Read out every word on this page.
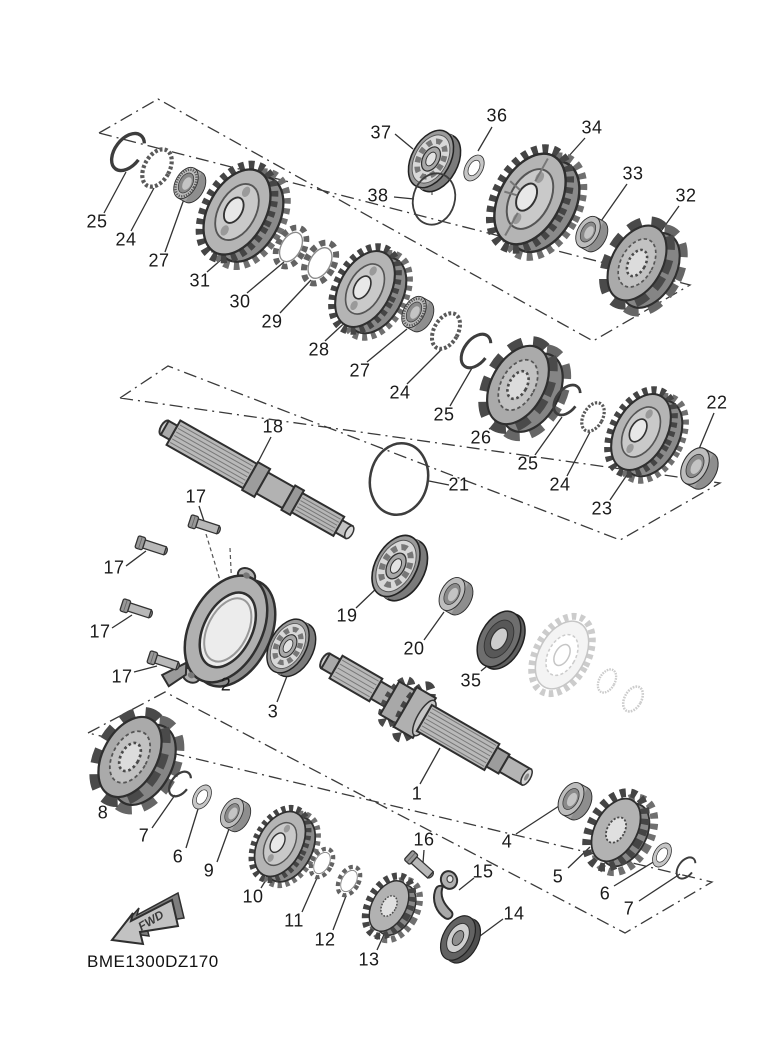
FWD
25
24
27
31
30
29
28
27
24
25
26
25
24
23
22
37
36
38
34
33
32
18
21
19
20
35
2
3
17
17
17
17
1
4
5
6
7
8
7
6
9
10
11
12
13
16
15
14
BME1300DZ170
